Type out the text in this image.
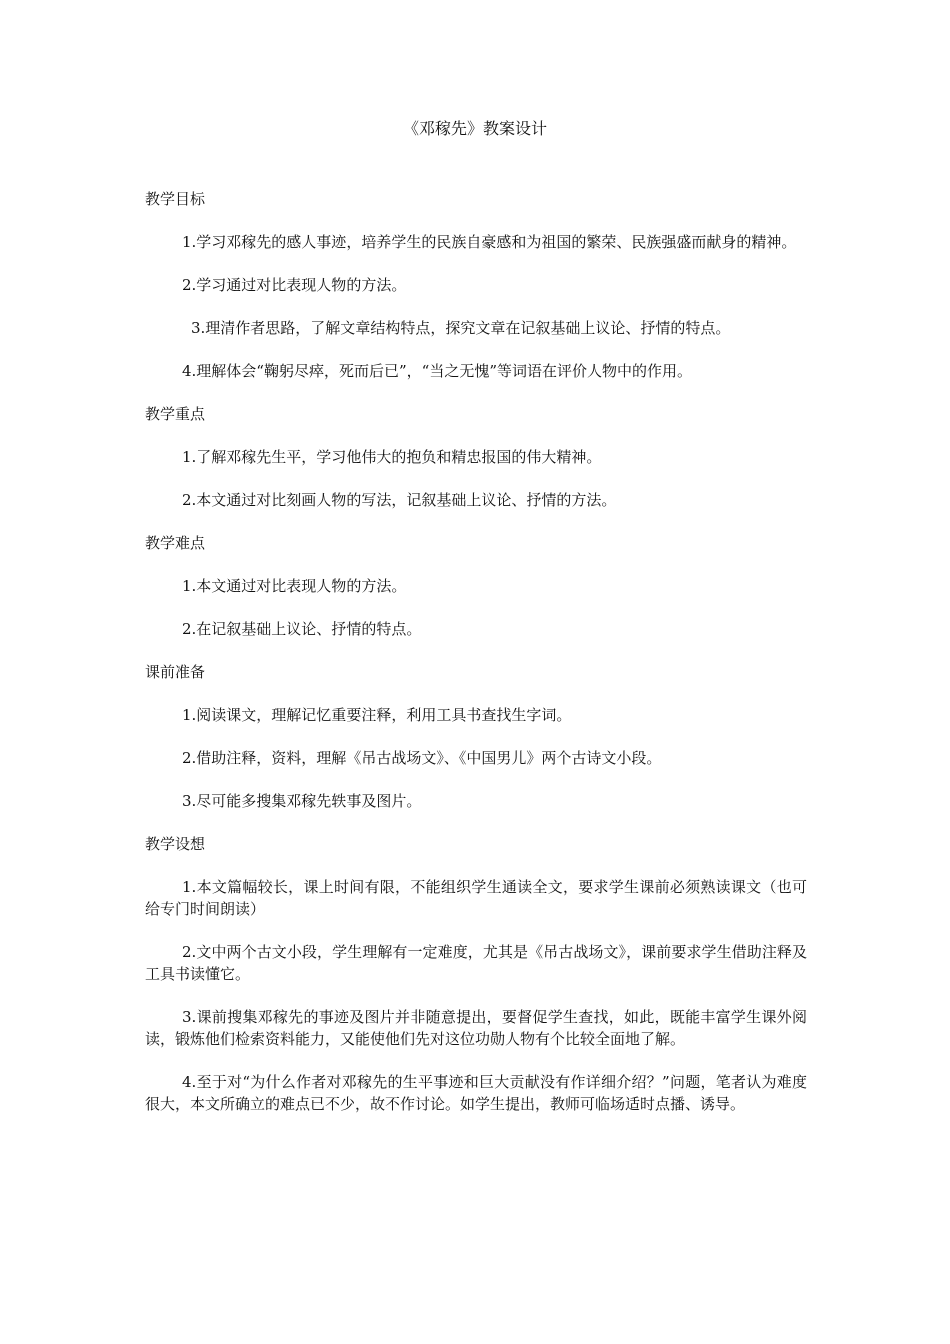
《邓稼先》教案设计

教学目标

1.学习邓稼先的感人事迹，培养学生的民族自豪感和为祖国的繁荣、民族强盛而献身的精神。

2.学习通过对比表现人物的方法。

3.理清作者思路，了解文章结构特点，探究文章在记叙基础上议论、抒情的特点。

4.理解体会“鞠躬尽瘁，死而后已”，“当之无愧”等词语在评价人物中的作用。

教学重点

1.了解邓稼先生平，学习他伟大的抱负和精忠报国的伟大精神。

2.本文通过对比刻画人物的写法，记叙基础上议论、抒情的方法。

教学难点

1.本文通过对比表现人物的方法。

2.在记叙基础上议论、抒情的特点。

课前准备

1.阅读课文，理解记忆重要注释，利用工具书查找生字词。

2.借助注释，资料，理解《吊古战场文》、《中国男儿》两个古诗文小段。

3.尽可能多搜集邓稼先轶事及图片。

教学设想

1.本文篇幅较长，课上时间有限，不能组织学生通读全文，要求学生课前必须熟读课文（也可给专门时间朗读）

2.文中两个古文小段，学生理解有一定难度，尤其是《吊古战场文》，课前要求学生借助注释及工具书读懂它。

3.课前搜集邓稼先的事迹及图片并非随意提出，要督促学生查找，如此，既能丰富学生课外阅读，锻炼他们检索资料能力，又能使他们先对这位功勋人物有个比较全面地了解。

4.至于对“为什么作者对邓稼先的生平事迹和巨大贡献没有作详细介绍？”问题，笔者认为难度很大，本文所确立的难点已不少，故不作讨论。如学生提出，教师可临场适时点播、诱导。
